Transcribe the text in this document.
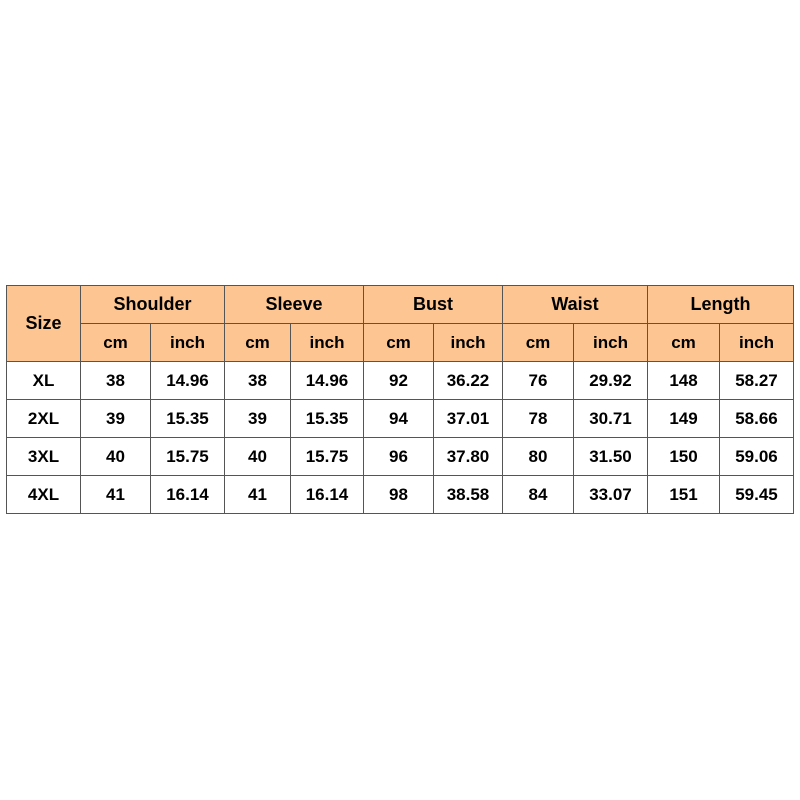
Size	Shoulder		Sleeve		Bust		Waist		Length	
	cm	inch	cm	inch	cm	inch	cm	inch	cm	inch
XL	38	14.96	38	14.96	92	36.22	76	29.92	148	58.27
2XL	39	15.35	39	15.35	94	37.01	78	30.71	149	58.66
3XL	40	15.75	40	15.75	96	37.80	80	31.50	150	59.06
4XL	41	16.14	41	16.14	98	38.58	84	33.07	151	59.45
